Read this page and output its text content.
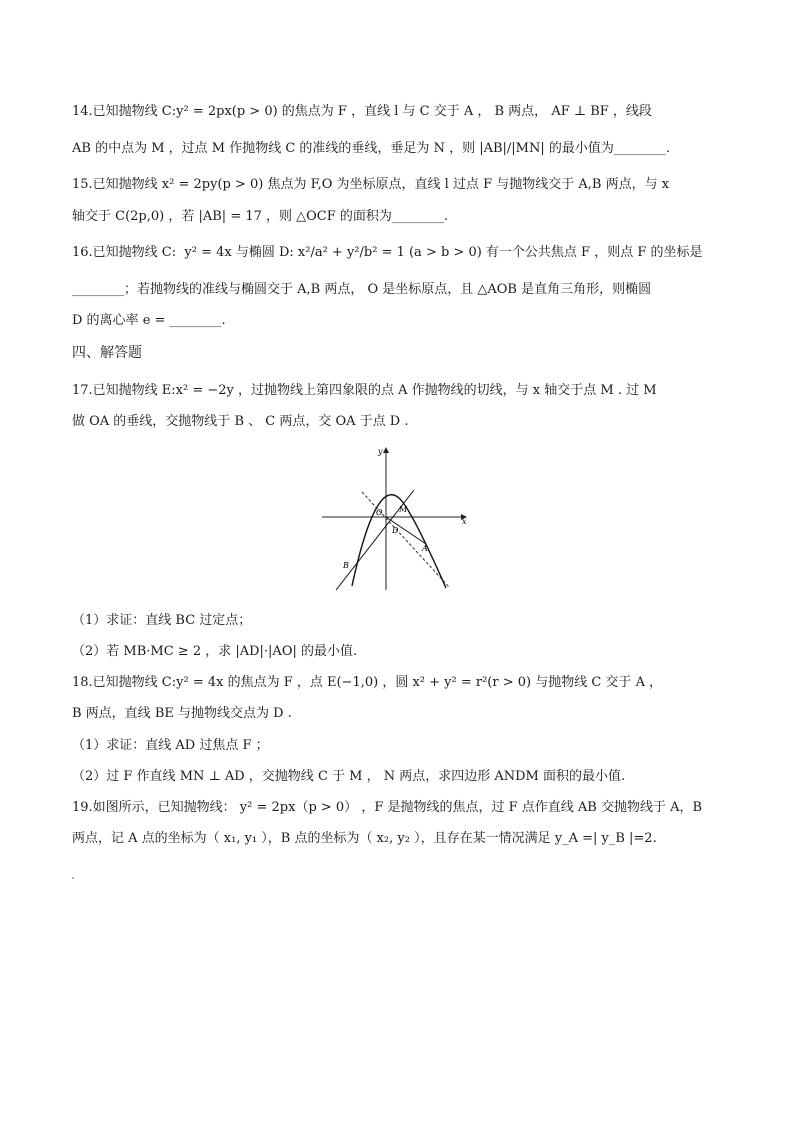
14.已知抛物线 C:y² = 2px(p > 0) 的焦点为 F ，直线 l 与 C 交于 A ， B 两点， AF ⊥ BF ，线段
AB 的中点为 M ，过点 M 作抛物线 C 的准线的垂线，垂足为 N ，则 |AB|/|MN| 的最小值为________.
15.已知抛物线 x² = 2py(p > 0) 焦点为 F,O 为坐标原点，直线 l 过点 F 与抛物线交于 A,B 两点，与 x
轴交于 C(2p,0) ，若 |AB| = 17 ，则 △OCF 的面积为________.
16.已知抛物线 C:  y² = 4x 与椭圆 D: x²/a² + y²/b² = 1 (a > b > 0) 有一个公共焦点 F ，则点 F 的坐标是
________；若抛物线的准线与椭圆交于 A,B 两点， O 是坐标原点，且 △AOB 是直角三角形，则椭圆
D 的离心率 e = ________.
四、解答题
17.已知抛物线 E:x² = −2y ，过抛物线上第四象限的点 A 作抛物线的切线，与 x 轴交于点 M . 过 M
做 OA 的垂线，交抛物线于 B 、 C 两点，交 OA 于点 D .
x
y
O M
D
A
B
（1）求证：直线 BC 过定点；
（2）若 MB·MC ≥ 2 ，求 |AD|·|AO| 的最小值.
18.已知抛物线 C:y² = 4x 的焦点为 F ，点 E(−1,0) ，圆 x² + y² = r²(r > 0) 与抛物线 C 交于 A ，
B 两点，直线 BE 与抛物线交点为 D .
（1）求证：直线 AD 过焦点 F ；
（2）过 F 作直线 MN ⊥ AD ，交抛物线 C 于 M ， N 两点，求四边形 ANDM 面积的最小值.
19.如图所示，已知抛物线： y² = 2px（p > 0） ，F 是抛物线的焦点，过 F 点作直线 AB 交抛物线于 A，B
两点，记 A 点的坐标为（ x₁, y₁ ），B 点的坐标为（ x₂, y₂ ），且存在某一情况满足 y_A =| y_B |=2.
